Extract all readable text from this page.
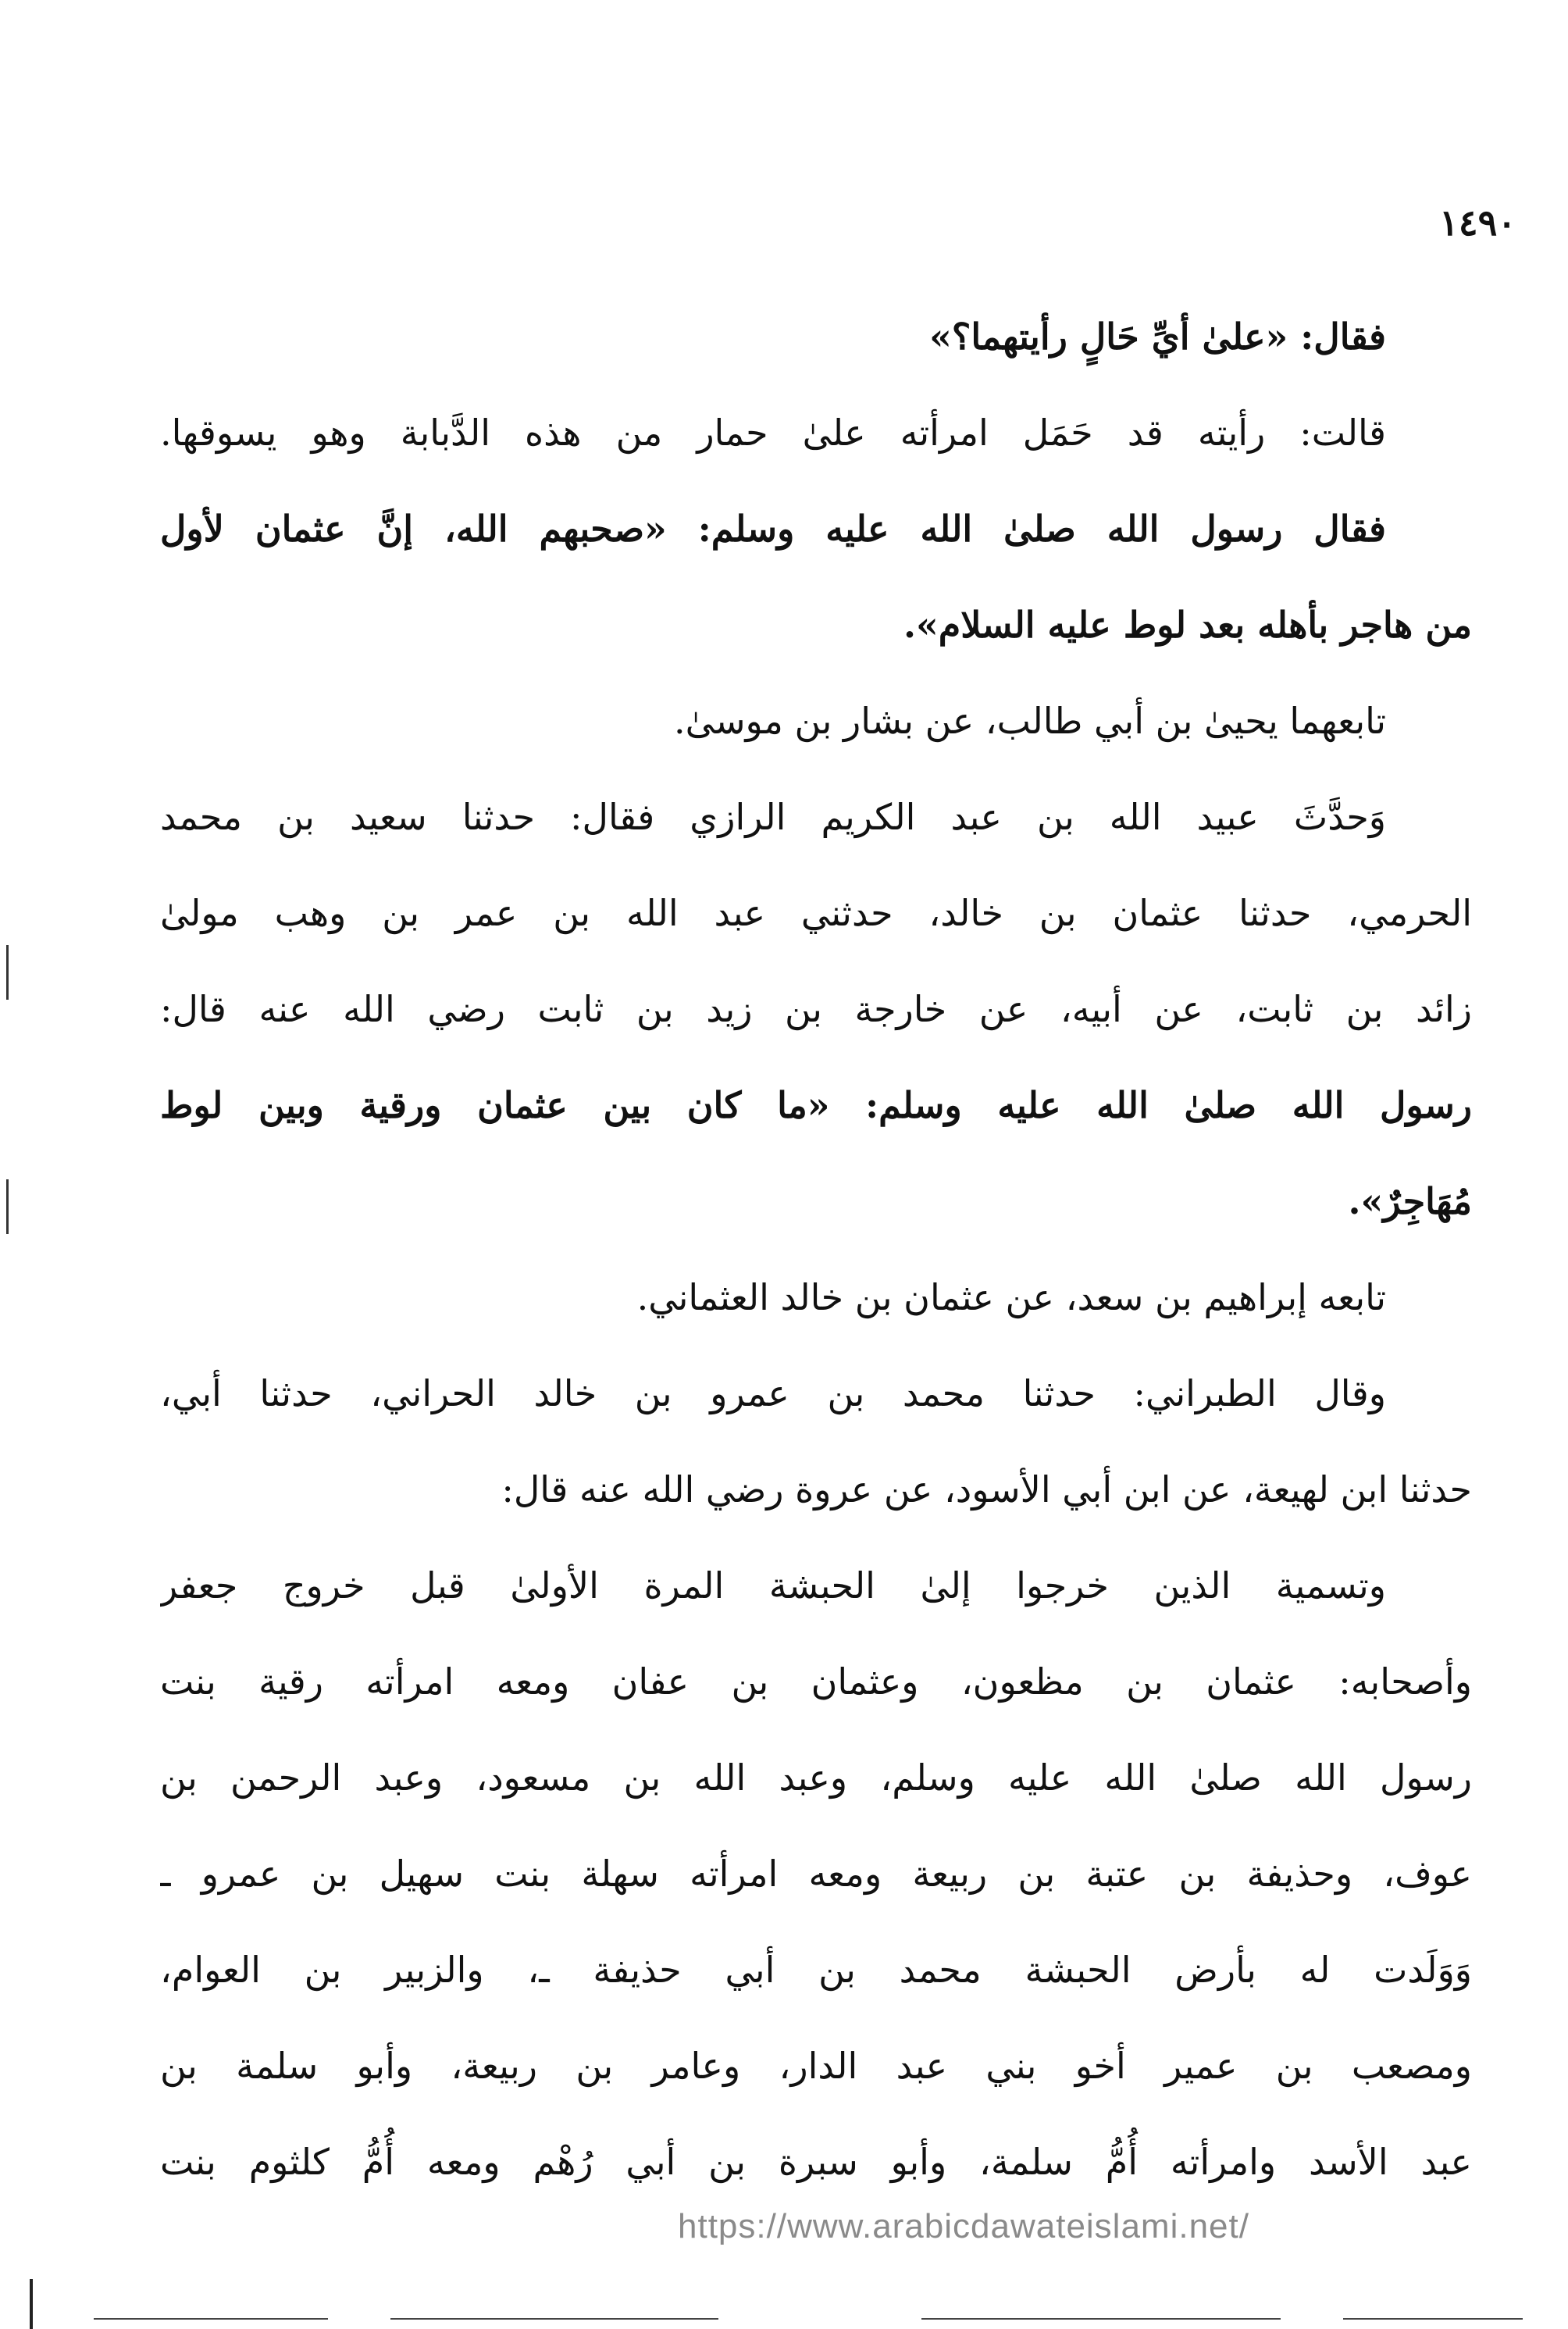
١٤٩٠
فقال: «علىٰ أيِّ حَالٍ رأيتهما؟»
قالت: رأيته قد حَمَل امرأته علىٰ حمار من هذه الدَّبابة وهو يسوقها.
فقال رسول الله صلىٰ الله عليه وسلم: «صحبهم الله، إنَّ عثمان لأول
من هاجر بأهله بعد لوط عليه السلام».
تابعهما يحيىٰ بن أبي طالب، عن بشار بن موسىٰ.
وَحدَّثَ عبيد الله بن عبد الكريم الرازي فقال: حدثنا سعيد بن محمد
الحرمي، حدثنا عثمان بن خالد، حدثني عبد الله بن عمر بن وهب مولىٰ
زائد بن ثابت، عن أبيه، عن خارجة بن زيد بن ثابت رضي الله عنه قال:
رسول الله صلىٰ الله عليه وسلم: «ما كان بين عثمان ورقية وبين لوط
مُهَاجِرٌ».
تابعه إبراهيم بن سعد، عن عثمان بن خالد العثماني.
وقال الطبراني: حدثنا محمد بن عمرو بن خالد الحراني، حدثنا أبي،
حدثنا ابن لهيعة، عن ابن أبي الأسود، عن عروة رضي الله عنه قال:
وتسمية الذين خرجوا إلىٰ الحبشة المرة الأولىٰ قبل خروج جعفر
وأصحابه: عثمان بن مظعون، وعثمان بن عفان ومعه امرأته رقية بنت
رسول الله صلىٰ الله عليه وسلم، وعبد الله بن مسعود، وعبد الرحمن بن
عوف، وحذيفة بن عتبة بن ربيعة ومعه امرأته سهلة بنت سهيل بن عمرو ـ
وَوَلَدت له بأرض الحبشة محمد بن أبي حذيفة ـ، والزبير بن العوام،
ومصعب بن عمير أخو بني عبد الدار، وعامر بن ربيعة، وأبو سلمة بن
عبد الأسد وامرأته أُمُّ سلمة، وأبو سبرة بن أبي رُهْم ومعه أُمُّ كلثوم بنت
https://www.arabicdawateislami.net/
